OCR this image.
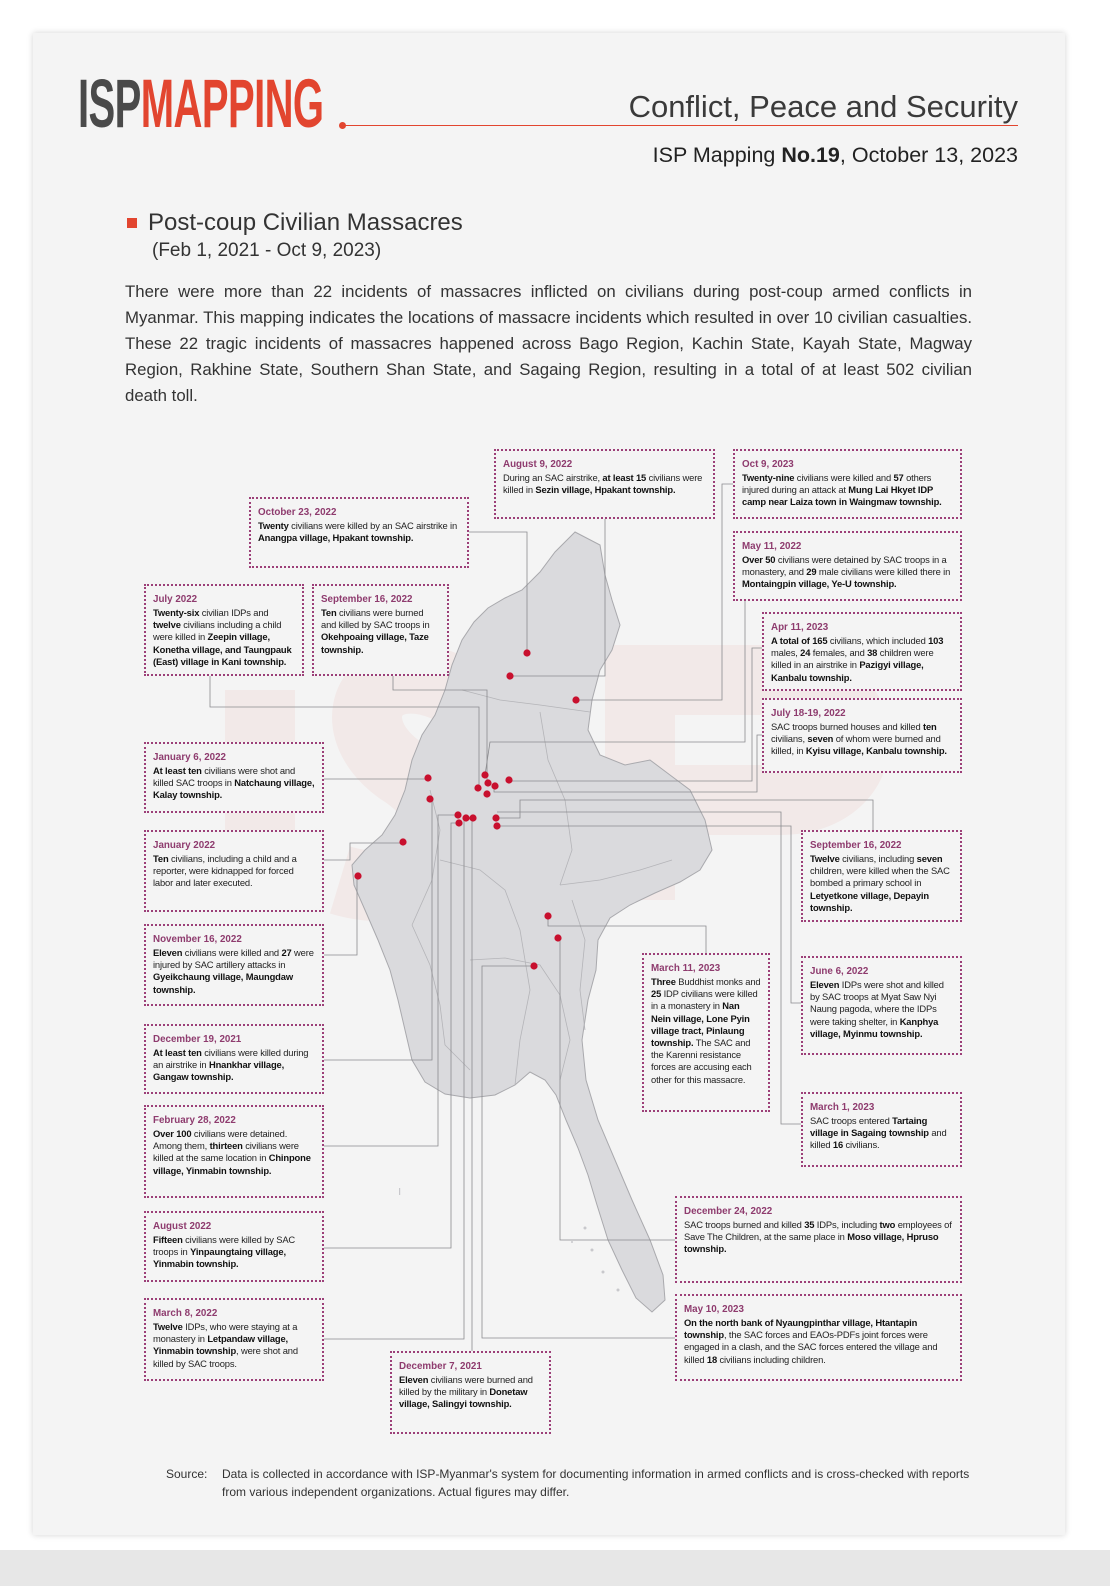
ISPMAPPING	Conflict, Peace and Security
ISP Mapping No.19, October 13, 2023
Post-coup Civilian Massacres
(Feb 1, 2021 - Oct 9, 2023)

There were more than 22 incidents of massacres inflicted on civilians during post-coup armed conflicts in Myanmar. This mapping indicates the locations of massacre incidents which resulted in over 10 civilian casualties. These 22 tragic incidents of massacres happened across Bago Region, Kachin State, Kayah State, Magway Region, Rakhine State, Southern Shan State, and Sagaing Region, resulting in a total of at least 502 civilian death toll.

August 9, 2022

During an SAC airstrike, at least 15 civilians were killed in Sezin village, Hpakant township.

Oct 9, 2023

Twenty-nine civilians were killed and 57 others injured during an attack at Mung Lai Hkyet IDP camp near Laiza town in Waingmaw township.

October 23, 2022

Twenty civilians were killed by an SAC airstrike in Anangpa village, Hpakant township.

May 11, 2022

Over 50 civilians were detained by SAC troops in a monastery, and 29 male civilians were killed there in Montaingpin village, Ye-U township.

July 2022

Twenty-six civilian IDPs and twelve civilians including a child were killed in Zeepin village, Konetha village, and Taungpauk (East) village in Kani township.

September 16, 2022

Ten civilians were burned and killed by SAC troops in Okehpoaing village, Taze township.

Apr 11, 2023

A total of 165 civilians, which included 103 males, 24 females, and 38 children were killed in an airstrike in Pazigyi village, Kanbalu township.

July 18-19, 2022

SAC troops burned houses and killed ten civilians, seven of whom were burned and killed, in Kyisu village, Kanbalu township.

January 6, 2022

At least ten civilians were shot and killed SAC troops in Natchaung village, Kalay township.

January 2022

Ten civilians, including a child and a reporter, were kidnapped for forced labor and later executed.

September 16, 2022

Twelve civilians, including seven children, were killed when the SAC bombed a primary school in Letyetkone village, Depayin township.

November 16, 2022

Eleven civilians were killed and 27 were injured by SAC artillery attacks in Gyeikchaung village, Maungdaw township.

March 11, 2023

Three Buddhist monks and 25 IDP civilians were killed in a monastery in Nan Nein village, Lone Pyin village tract, Pinlaung township. The SAC and the Karenni resistance forces are accusing each other for this massacre.

June 6, 2022

Eleven IDPs were shot and killed by SAC troops at Myat Saw Nyi Naung pagoda, where the IDPs were taking shelter, in Kanphya village, Myinmu township.

December 19, 2021

At least ten civilians were killed during an airstrike in Hnankhar village, Gangaw township.

March 1, 2023

SAC troops entered Tartaing village in Sagaing township and killed 16 civilians.

February 28, 2022

Over 100 civilians were detained. Among them, thirteen civilians were killed at the same location in Chinpone village, Yinmabin township.

December 24, 2022

SAC troops burned and killed 35 IDPs, including two employees of Save The Children, at the same place in Moso village, Hpruso township.

August 2022

Fifteen civilians were killed by SAC troops in Yinpaungtaing village, Yinmabin township.

May 10, 2023

On the north bank of Nyaungpinthar village, Htantapin township, the SAC forces and EAOs-PDFs joint forces were engaged in a clash, and the SAC forces entered the village and killed 18 civilians including children.

March 8, 2022

Twelve IDPs, who were staying at a monastery in Letpandaw village, Yinmabin township, were shot and killed by SAC troops.	December 7, 2021

Eleven civilians were burned and killed by the military in Donetaw village, Salingyi township.

Source: Data is collected in accordance with ISP-Myanmar's system for documenting information in armed conflicts and is cross-checked with reports from various independent organizations. Actual figures may differ.
